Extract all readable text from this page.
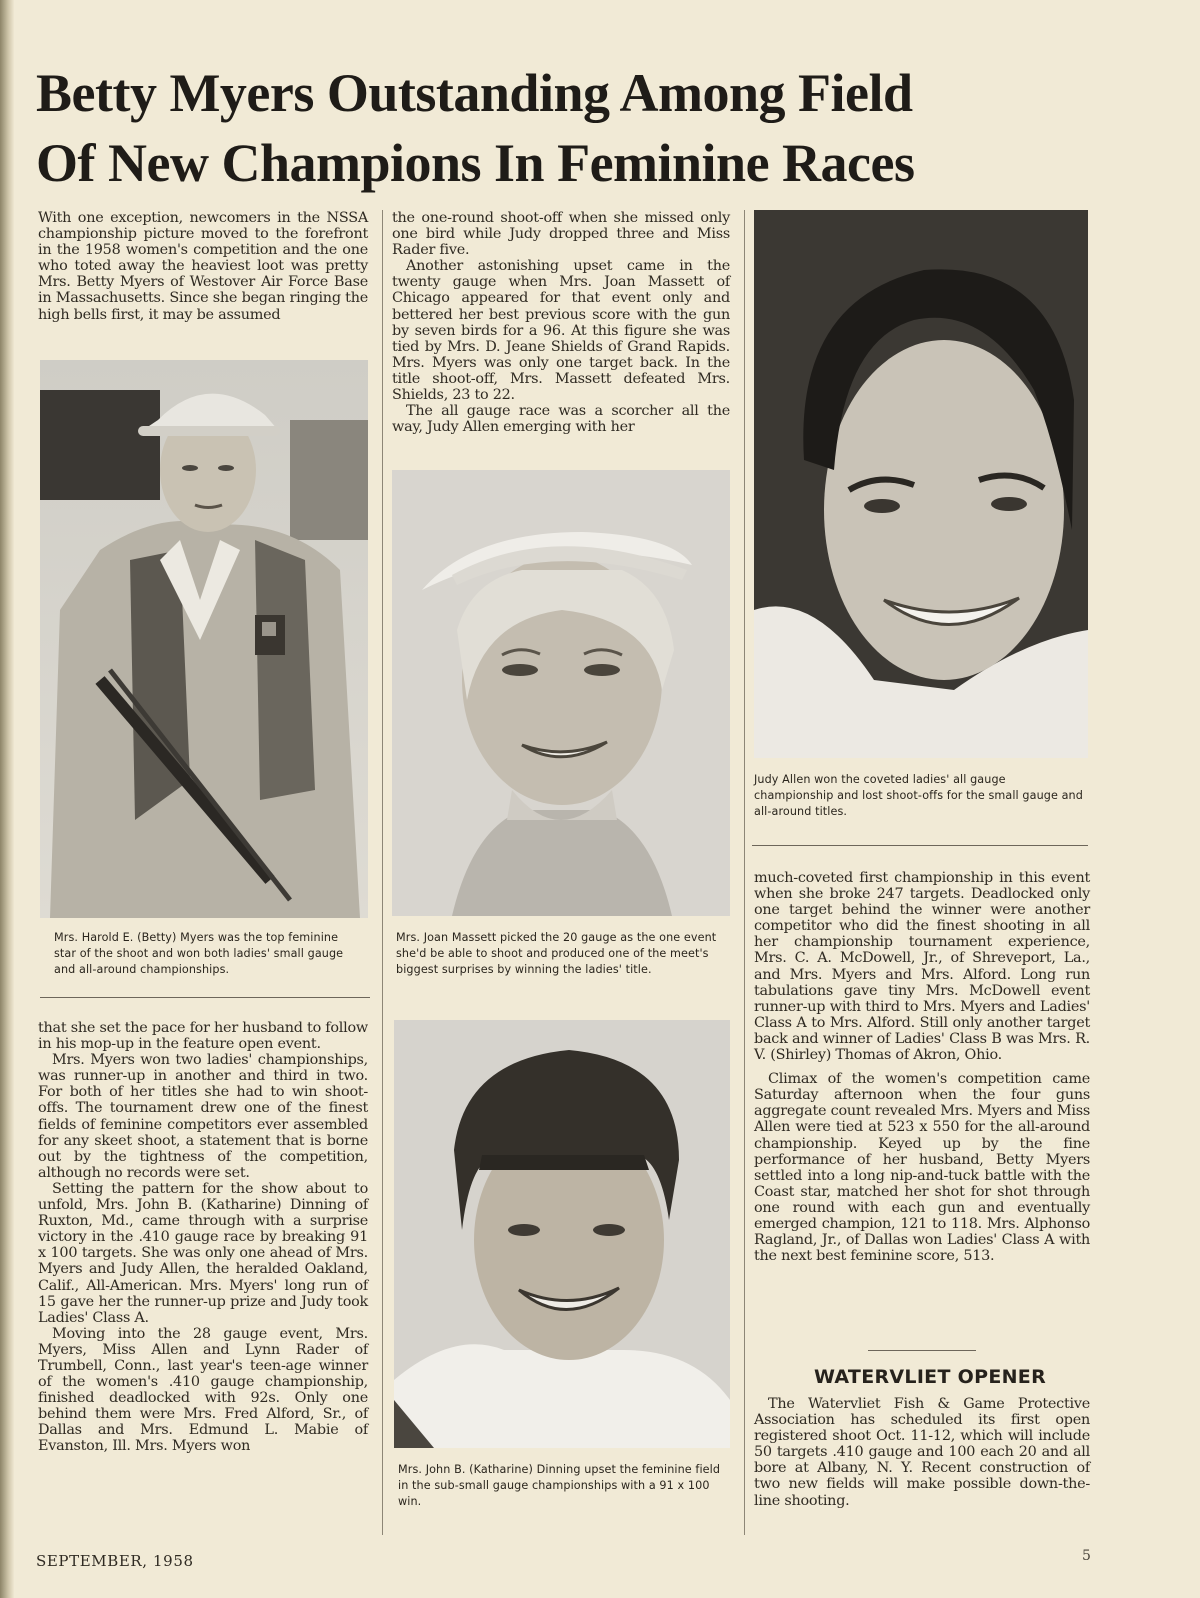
Betty Myers Outstanding Among Field
Of New Champions In Feminine Races

With one exception, newcomers in the NSSA championship picture moved to the forefront in the 1958 women's competition and the one who toted away the heaviest loot was pretty Mrs. Betty Myers of Westover Air Force Base in Massachusetts. Since she began ringing the high bells first, it may be assumed

Mrs. Harold E. (Betty) Myers was the top feminine star of the shoot and won both ladies' small gauge and all-around championships.

that she set the pace for her husband to follow in his mop-up in the feature open event.

Mrs. Myers won two ladies' championships, was runner-up in another and third in two. For both of her titles she had to win shoot-offs. The tournament drew one of the finest fields of feminine competitors ever assembled for any skeet shoot, a statement that is borne out by the tightness of the competition, although no records were set.

Setting the pattern for the show about to unfold, Mrs. John B. (Katharine) Dinning of Ruxton, Md., came through with a surprise victory in the .410 gauge race by breaking 91 x 100 targets. She was only one ahead of Mrs. Myers and Judy Allen, the heralded Oakland, Calif., All-American. Mrs. Myers' long run of 15 gave her the runner-up prize and Judy took Ladies' Class A.

Moving into the 28 gauge event, Mrs. Myers, Miss Allen and Lynn Rader of Trumbell, Conn., last year's teen-age winner of the women's .410 gauge championship, finished deadlocked with 92s. Only one behind them were Mrs. Fred Alford, Sr., of Dallas and Mrs. Edmund L. Mabie of Evanston, Ill. Mrs. Myers won

the one-round shoot-off when she missed only one bird while Judy dropped three and Miss Rader five.

Another astonishing upset came in the twenty gauge when Mrs. Joan Massett of Chicago appeared for that event only and bettered her best previous score with the gun by seven birds for a 96. At this figure she was tied by Mrs. D. Jeane Shields of Grand Rapids. Mrs. Myers was only one target back. In the title shoot-off, Mrs. Massett defeated Mrs. Shields, 23 to 22.

The all gauge race was a scorcher all the way, Judy Allen emerging with her

Mrs. Joan Massett picked the 20 gauge as the one event she'd be able to shoot and produced one of the meet's biggest surprises by winning the ladies' title.
Mrs. John B. (Katharine) Dinning upset the feminine field in the sub-small gauge championships with a 91 x 100 win.
Judy Allen won the coveted ladies' all gauge championship and lost shoot-offs for the small gauge and all-around titles.

much-coveted first championship in this event when she broke 247 targets. Deadlocked only one target behind the winner were another competitor who did the finest shooting in all her championship tournament experience, Mrs. C. A. McDowell, Jr., of Shreveport, La., and Mrs. Myers and Mrs. Alford. Long run tabulations gave tiny Mrs. McDowell event runner-up with third to Mrs. Myers and Ladies' Class A to Mrs. Alford. Still only another target back and winner of Ladies' Class B was Mrs. R. V. (Shirley) Thomas of Akron, Ohio.

Climax of the women's competition came Saturday afternoon when the four guns aggregate count revealed Mrs. Myers and Miss Allen were tied at 523 x 550 for the all-around championship. Keyed up by the fine performance of her husband, Betty Myers settled into a long nip-and-tuck battle with the Coast star, matched her shot for shot through one round with each gun and eventually emerged champion, 121 to 118. Mrs. Alphonso Ragland, Jr., of Dallas won Ladies' Class A with the next best feminine score, 513.

WATERVLIET OPENER

The Watervliet Fish & Game Protective Association has scheduled its first open registered shoot Oct. 11-12, which will include 50 targets .410 gauge and 100 each 20 and all bore at Albany, N. Y. Recent construction of two new fields will make possible down-the-line shooting.

SEPTEMBER, 1958	5
